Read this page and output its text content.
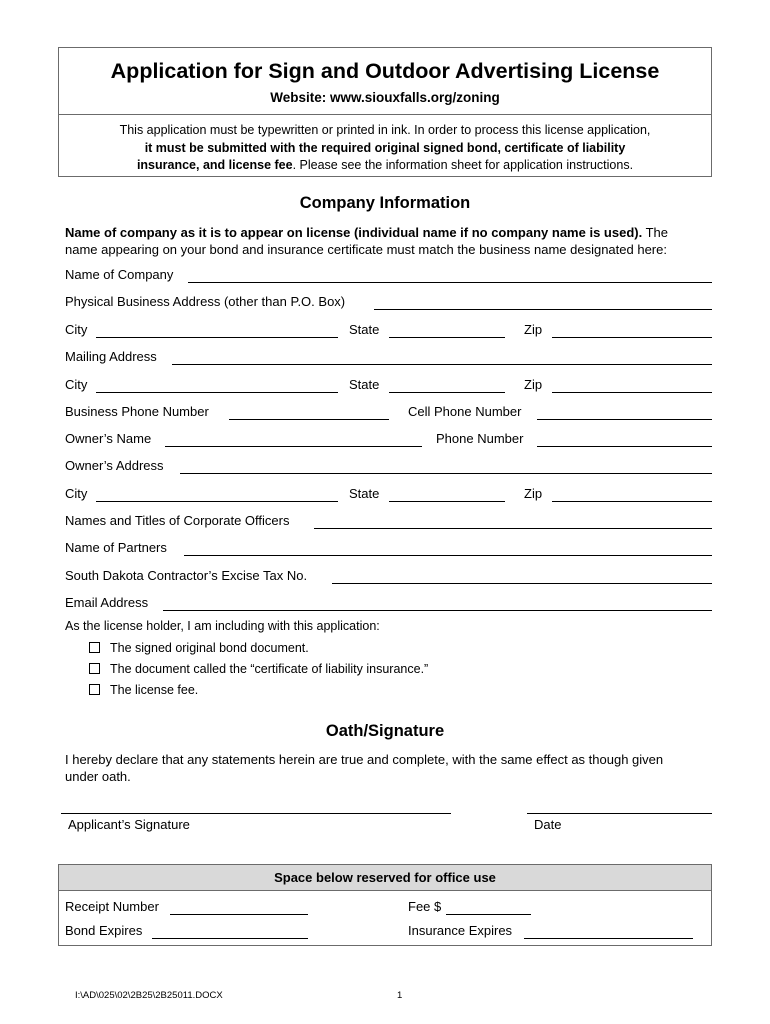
Application for Sign and Outdoor Advertising License
Website: www.siouxfalls.org/zoning
This application must be typewritten or printed in ink. In order to process this license application,
it must be submitted with the required original signed bond, certificate of liability
insurance, and license fee. Please see the information sheet for application instructions.
Company Information
Name of company as it is to appear on license (individual name if no company name is used). The
name appearing on your bond and insurance certificate must match the business name designated here:
Name of Company
Physical Business Address (other than P.O. Box)
City	State	Zip
Mailing Address
City	State	Zip
Business Phone Number	Cell Phone Number
Owner’s Name	Phone Number
Owner’s Address
City	State	Zip
Names and Titles of Corporate Officers
Name of Partners
South Dakota Contractor’s Excise Tax No.
Email Address
As the license holder, I am including with this application:
The signed original bond document.
The document called the “certificate of liability insurance.”
The license fee.
Oath/Signature
I hereby declare that any statements herein are true and complete, with the same effect as though given
under oath.
Applicant’s Signature	Date
Space below reserved for office use
Receipt Number	Fee $
Bond Expires	Insurance Expires
I:\AD\025\02\2B25\2B25011.DOCX	1
